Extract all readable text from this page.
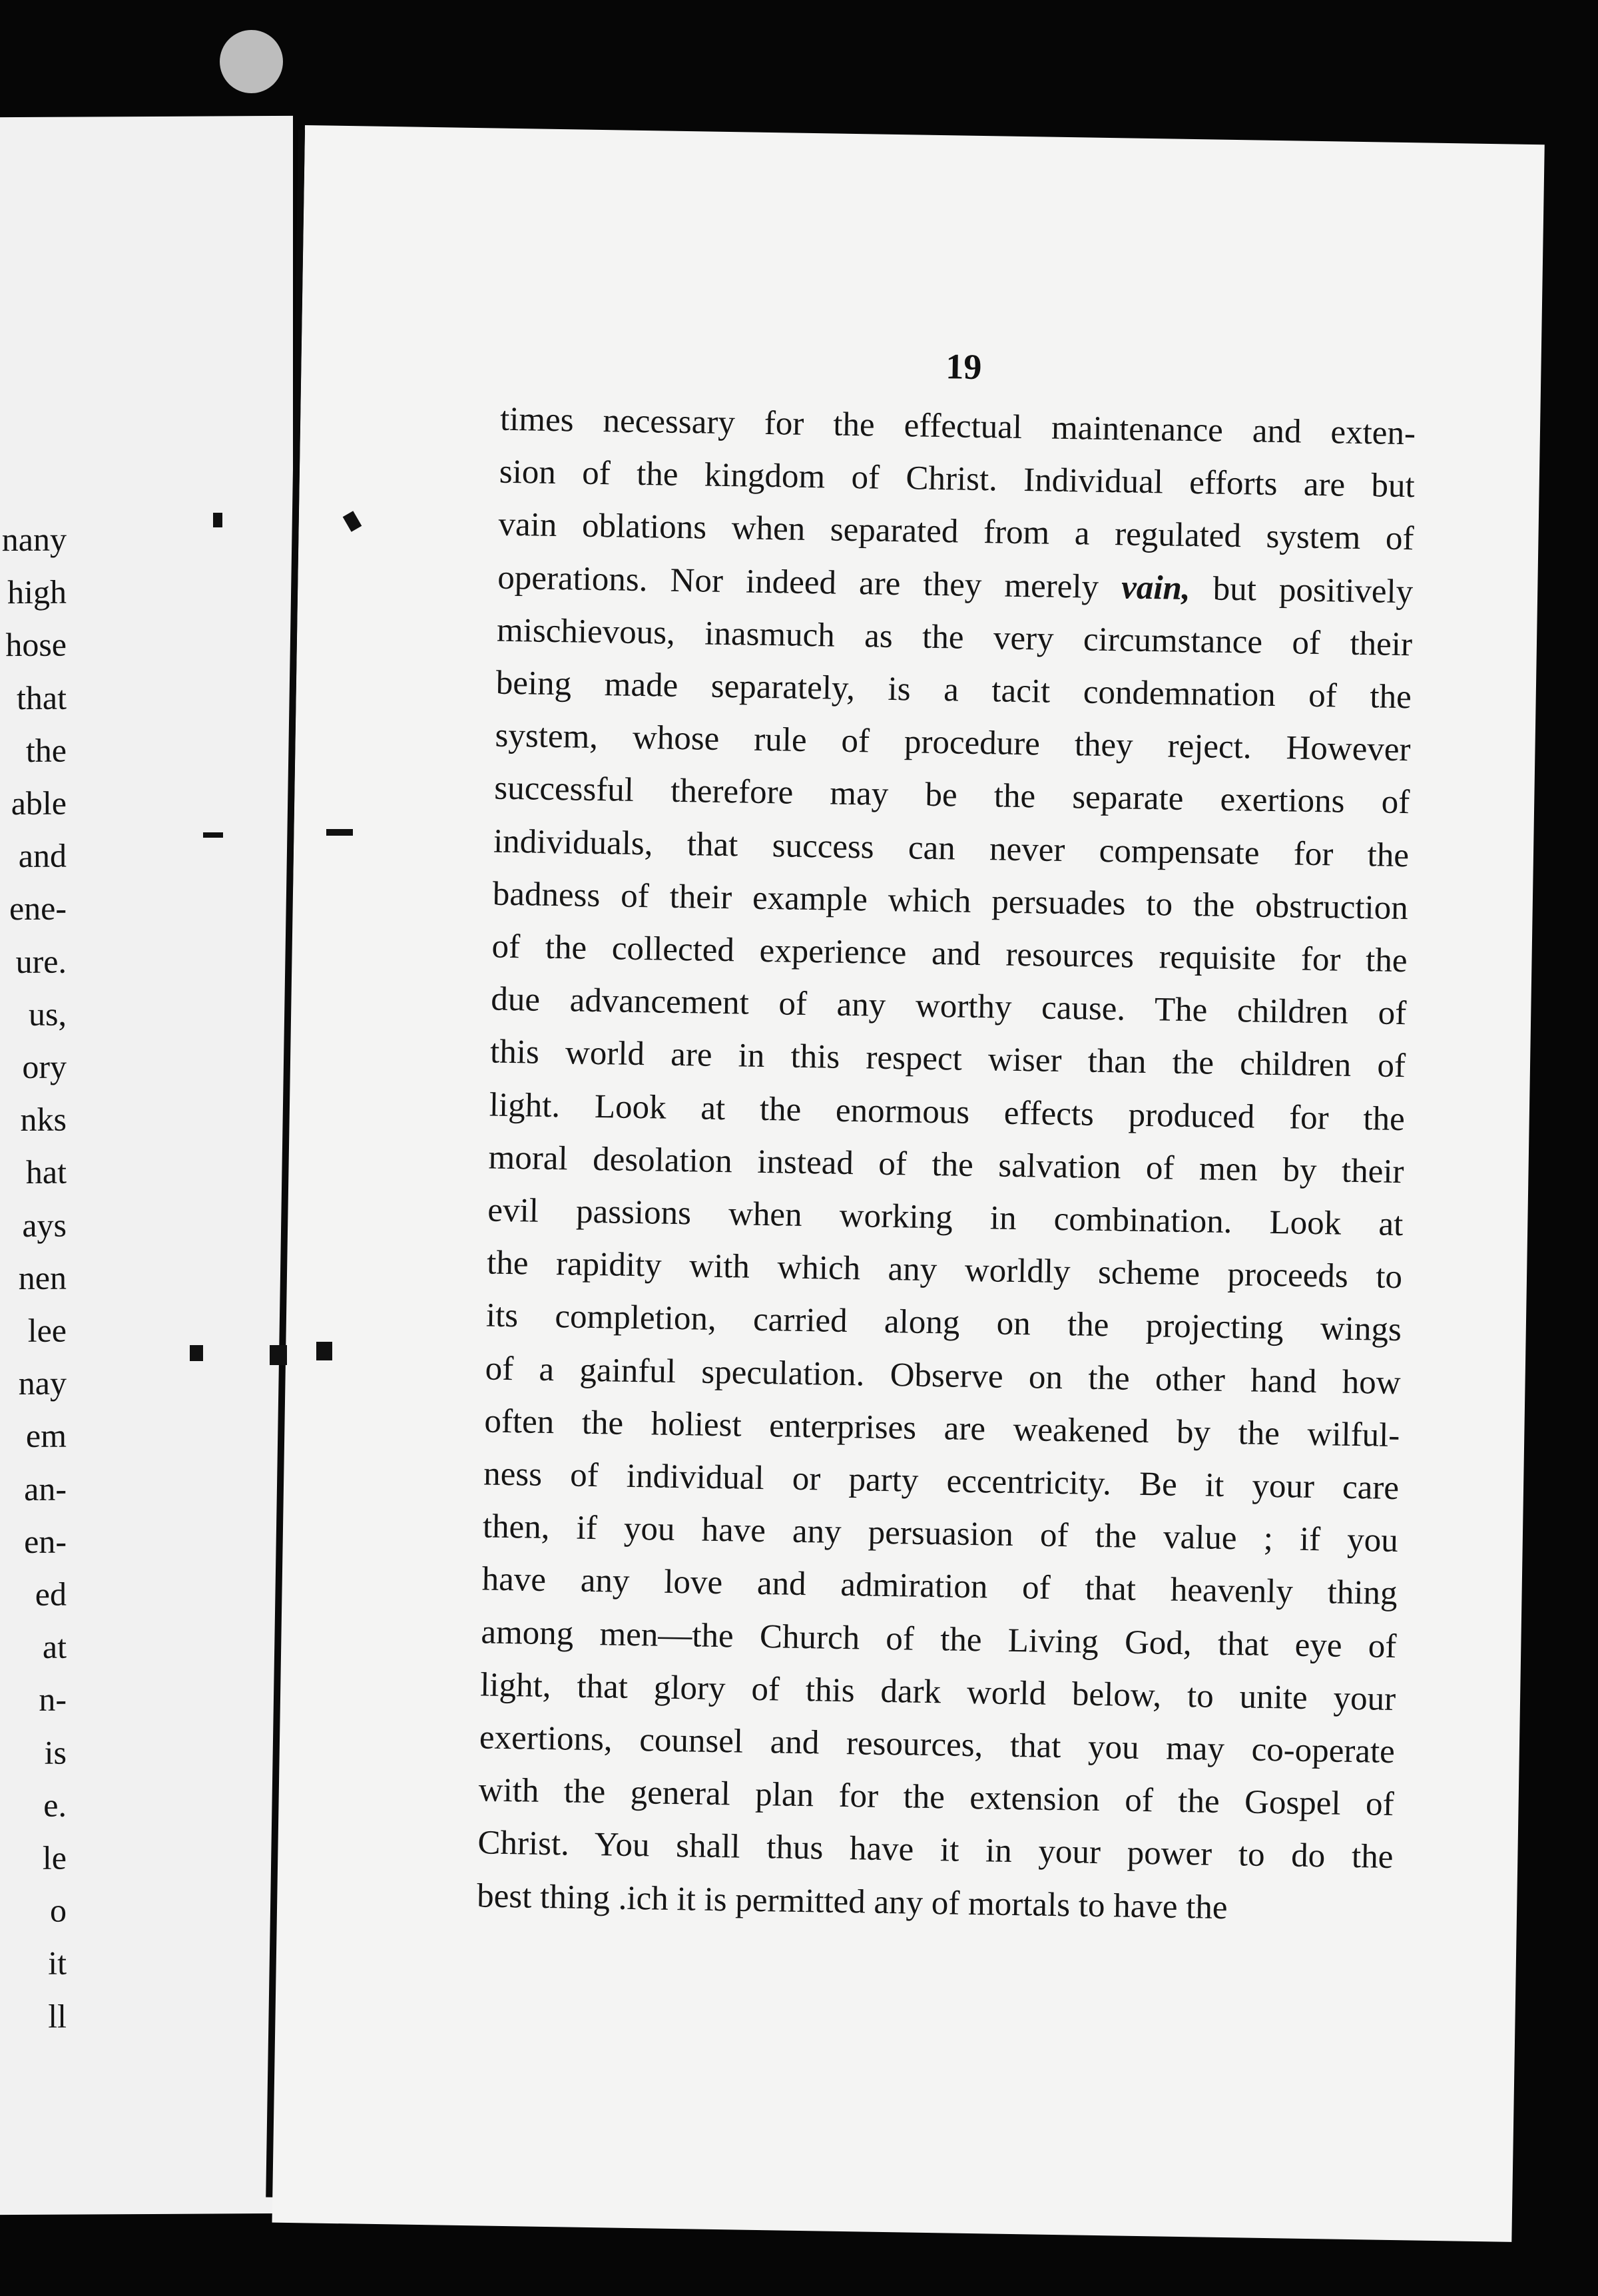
nany
high
hose
that
the
able
and
ene-
ure.
us,
ory
nks
hat
ays
nen
lee
nay
em
an-
en-
ed
at
n-
is
e.
le
o
it
ll
19
times necessary for the effectual maintenance and exten-
sion of the kingdom of Christ. Individual efforts are but
vain oblations when separated from a regulated system of
operations. Nor indeed are they merely vain, but positively
mischievous, inasmuch as the very circumstance of their
being made separately, is a tacit condemnation of the
system, whose rule of procedure they reject. However
successful therefore may be the separate exertions of
individuals, that success can never compensate for the
badness of their example which persuades to the obstruction
of the collected experience and resources requisite for the
due advancement of any worthy cause. The children of
this world are in this respect wiser than the children of
light. Look at the enormous effects produced for the
moral desolation instead of the salvation of men by their
evil passions when working in combination. Look at
the rapidity with which any worldly scheme proceeds to
its completion, carried along on the projecting wings
of a gainful speculation. Observe on the other hand how
often the holiest enterprises are weakened by the wilful-
ness of individual or party eccentricity. Be it your care
then, if you have any persuasion of the value ; if you
have any love and admiration of that heavenly thing
among men—the Church of the Living God, that eye of
light, that glory of this dark world below, to unite your
exertions, counsel and resources, that you may co-operate
with the general plan for the extension of the Gospel of
Christ. You shall thus have it in your power to do the
best thing .ich it is permitted any of mortals to have the
